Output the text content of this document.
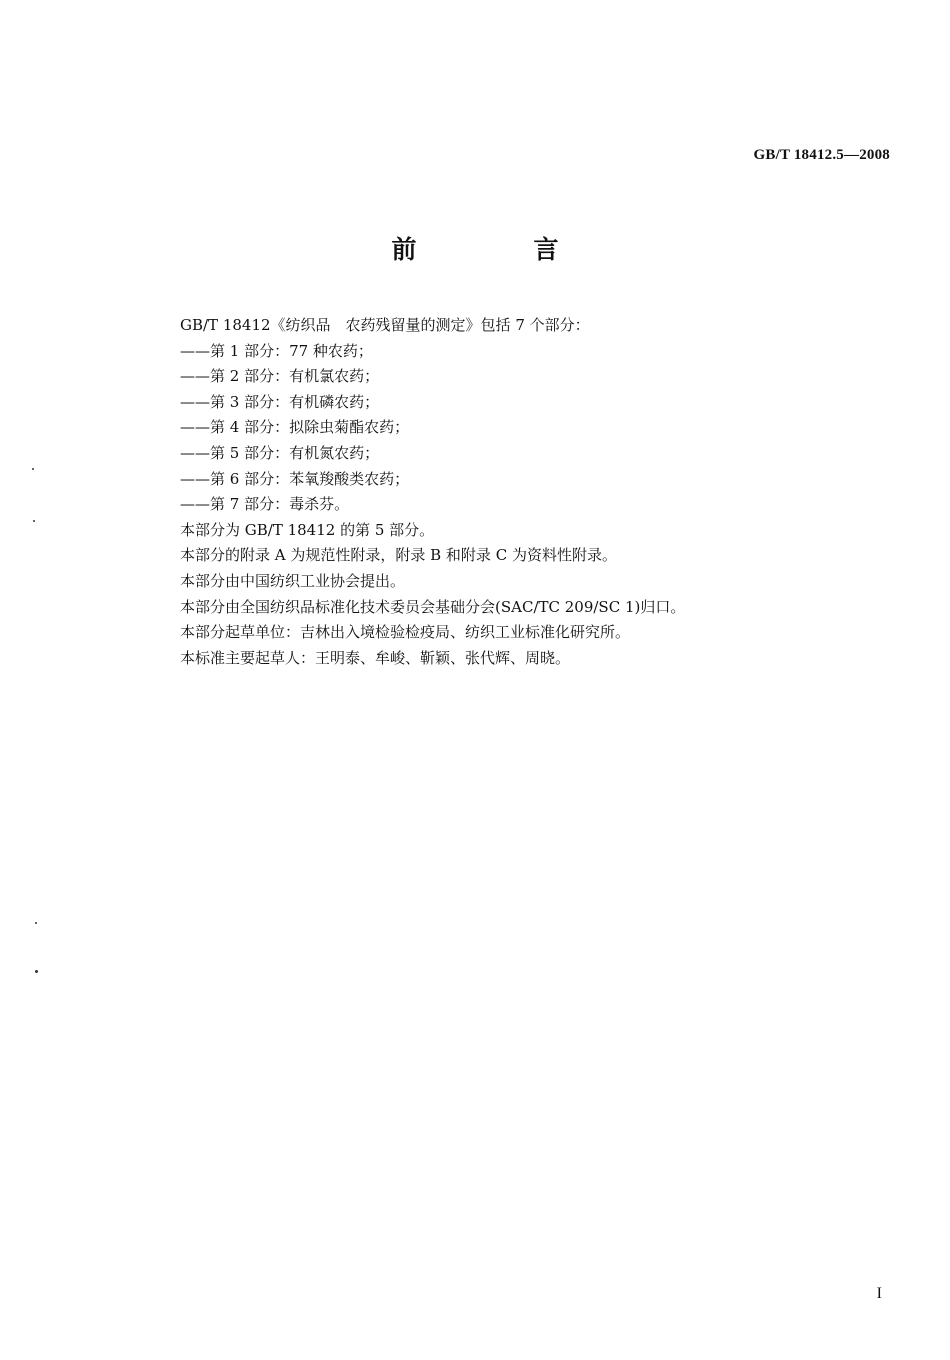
GB/T 18412.5—2008
前　言

GB/T 18412《纺织品　农药残留量的测定》包括 7 个部分：

——第 1 部分：77 种农药；

——第 2 部分：有机氯农药；

——第 3 部分：有机磷农药；

——第 4 部分：拟除虫菊酯农药；

——第 5 部分：有机氮农药；

——第 6 部分：苯氧羧酸类农药；

——第 7 部分：毒杀芬。

本部分为 GB/T 18412 的第 5 部分。

本部分的附录 A 为规范性附录，附录 B 和附录 C 为资料性附录。

本部分由中国纺织工业协会提出。

本部分由全国纺织品标准化技术委员会基础分会(SAC/TC 209/SC 1)归口。

本部分起草单位：吉林出入境检验检疫局、纺织工业标准化研究所。

本标准主要起草人：王明泰、牟峻、靳颖、张代辉、周晓。

I
